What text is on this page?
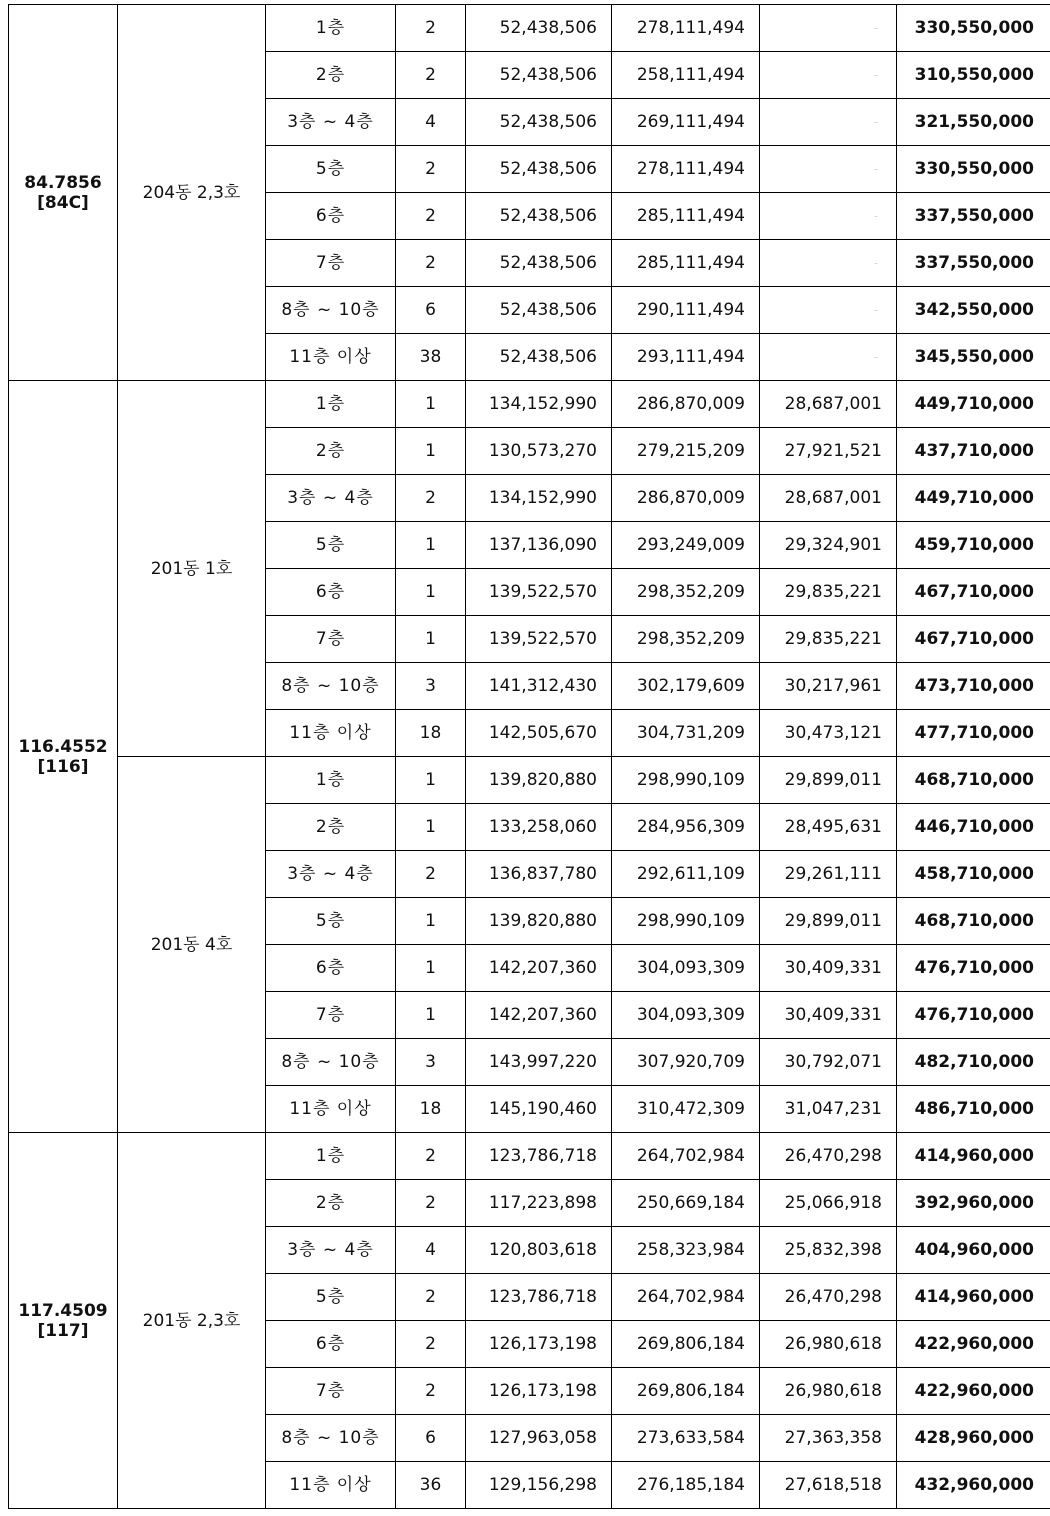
84.7856
[84C]	204동 2,3호	1층	2	52,438,506	278,111,494	-	330,550,000
		2층	2	52,438,506	258,111,494	-	310,550,000
		3층 ~ 4층	4	52,438,506	269,111,494	-	321,550,000
		5층	2	52,438,506	278,111,494	-	330,550,000
		6층	2	52,438,506	285,111,494	-	337,550,000
		7층	2	52,438,506	285,111,494	-	337,550,000
		8층 ~ 10층	6	52,438,506	290,111,494	-	342,550,000
		11층 이상	38	52,438,506	293,111,494	-	345,550,000

116.4552
[116]	201동 1호	1층	1	134,152,990	286,870,009	28,687,001	449,710,000
		2층	1	130,573,270	279,215,209	27,921,521	437,710,000
		3층 ~ 4층	2	134,152,990	286,870,009	28,687,001	449,710,000
		5층	1	137,136,090	293,249,009	29,324,901	459,710,000
		6층	1	139,522,570	298,352,209	29,835,221	467,710,000
		7층	1	139,522,570	298,352,209	29,835,221	467,710,000
		8층 ~ 10층	3	141,312,430	302,179,609	30,217,961	473,710,000
		11층 이상	18	142,505,670	304,731,209	30,473,121	477,710,000
	201동 4호	1층	1	139,820,880	298,990,109	29,899,011	468,710,000
		2층	1	133,258,060	284,956,309	28,495,631	446,710,000
		3층 ~ 4층	2	136,837,780	292,611,109	29,261,111	458,710,000
		5층	1	139,820,880	298,990,109	29,899,011	468,710,000
		6층	1	142,207,360	304,093,309	30,409,331	476,710,000
		7층	1	142,207,360	304,093,309	30,409,331	476,710,000
		8층 ~ 10층	3	143,997,220	307,920,709	30,792,071	482,710,000
		11층 이상	18	145,190,460	310,472,309	31,047,231	486,710,000

117.4509
[117]	201동 2,3호	1층	2	123,786,718	264,702,984	26,470,298	414,960,000
		2층	2	117,223,898	250,669,184	25,066,918	392,960,000
		3층 ~ 4층	4	120,803,618	258,323,984	25,832,398	404,960,000
		5층	2	123,786,718	264,702,984	26,470,298	414,960,000
		6층	2	126,173,198	269,806,184	26,980,618	422,960,000
		7층	2	126,173,198	269,806,184	26,980,618	422,960,000
		8층 ~ 10층	6	127,963,058	273,633,584	27,363,358	428,960,000
		11층 이상	36	129,156,298	276,185,184	27,618,518	432,960,000
